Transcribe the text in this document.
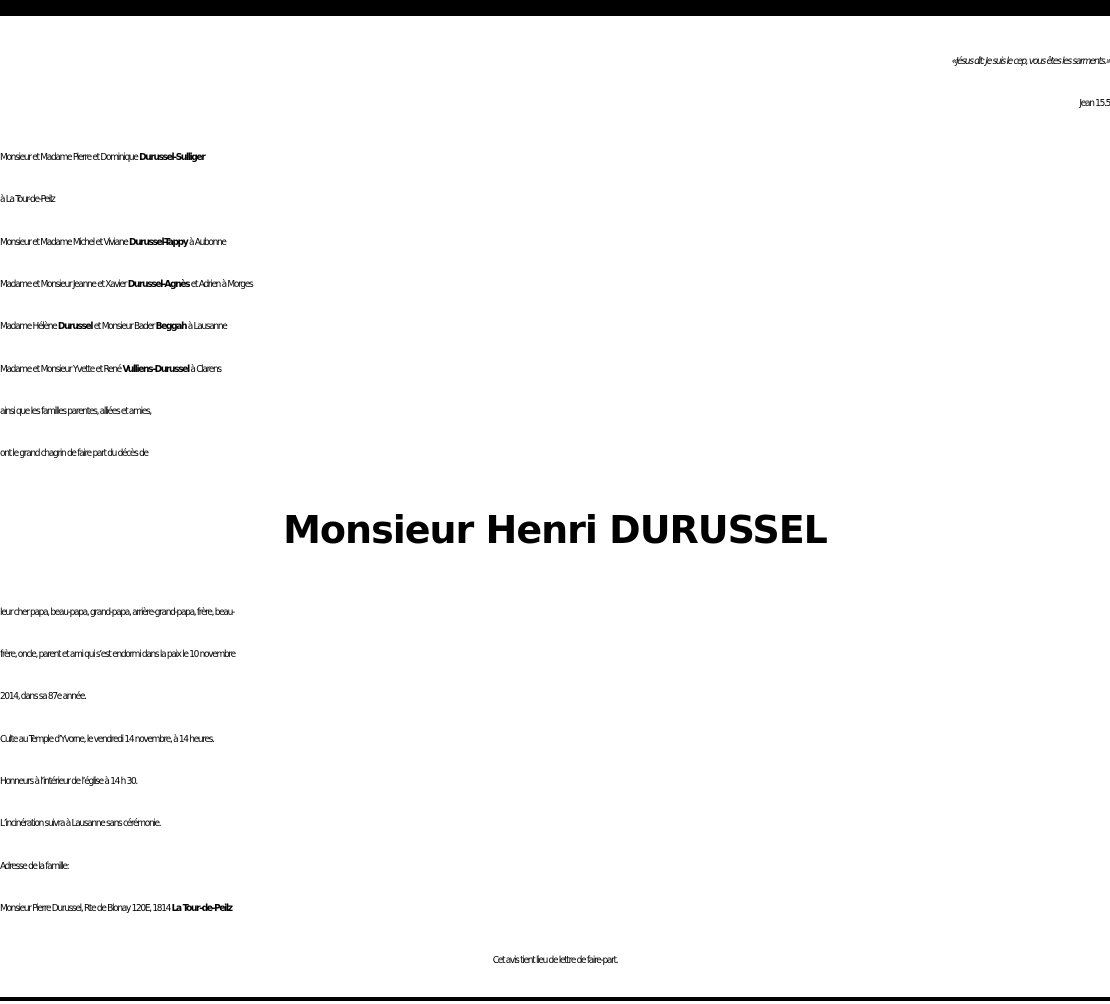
«Jésus dit: Je suis le cep, vous êtes les sarments.»
Jean 15.5
Monsieur et Madame Pierre et Dominique Durussel-Sulliger
à La Tour-de-Peilz
Monsieur et Madame Michel et Viviane Durussel-Tappy à Aubonne
Madame et Monsieur Jeanne et Xavier Durussel-Agnès et Adrien à Morges
Madame Hélène Durussel et Monsieur Bader Beggah à Lausanne
Madame et Monsieur Yvette et René Vulliens-Durussel à Clarens
ainsi que les familles parentes, alliées et amies,
ont le grand chagrin de faire part du décès de
Monsieur Henri DURUSSEL
leur cher papa, beau-papa, grand-papa, arrière-grand-papa, frère, beau-
frère, oncle, parent et ami qui s’est endormi dans la paix le 10 novembre
2014, dans sa 87e année.
Culte au Temple d’Yvorne, le vendredi 14 novembre, à 14 heures.
Honneurs à l’intérieur de l’église à 14 h 30.
L’incinération suivra à Lausanne sans cérémonie.
Adresse de la famille:
Monsieur Pierre Durussel, Rte de Blonay 120E, 1814 La Tour-de-Peilz
Cet avis tient lieu de lettre de faire-part.
